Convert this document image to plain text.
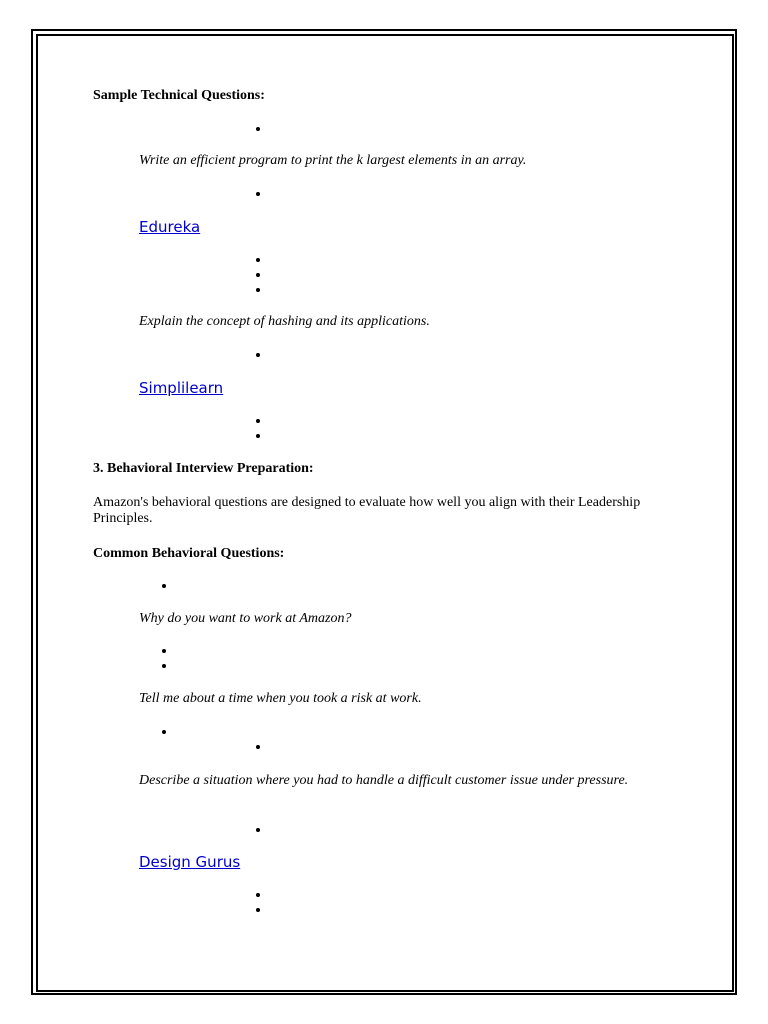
Sample Technical Questions:
Write an efficient program to print the k largest elements in an array.
Edureka
Explain the concept of hashing and its applications.
Simplilearn
3. Behavioral Interview Preparation:
Amazon's behavioral questions are designed to evaluate how well you align with their Leadership Principles.
Common Behavioral Questions:
Why do you want to work at Amazon?
Tell me about a time when you took a risk at work.
Describe a situation where you had to handle a difficult customer issue under pressure.
Design Gurus
